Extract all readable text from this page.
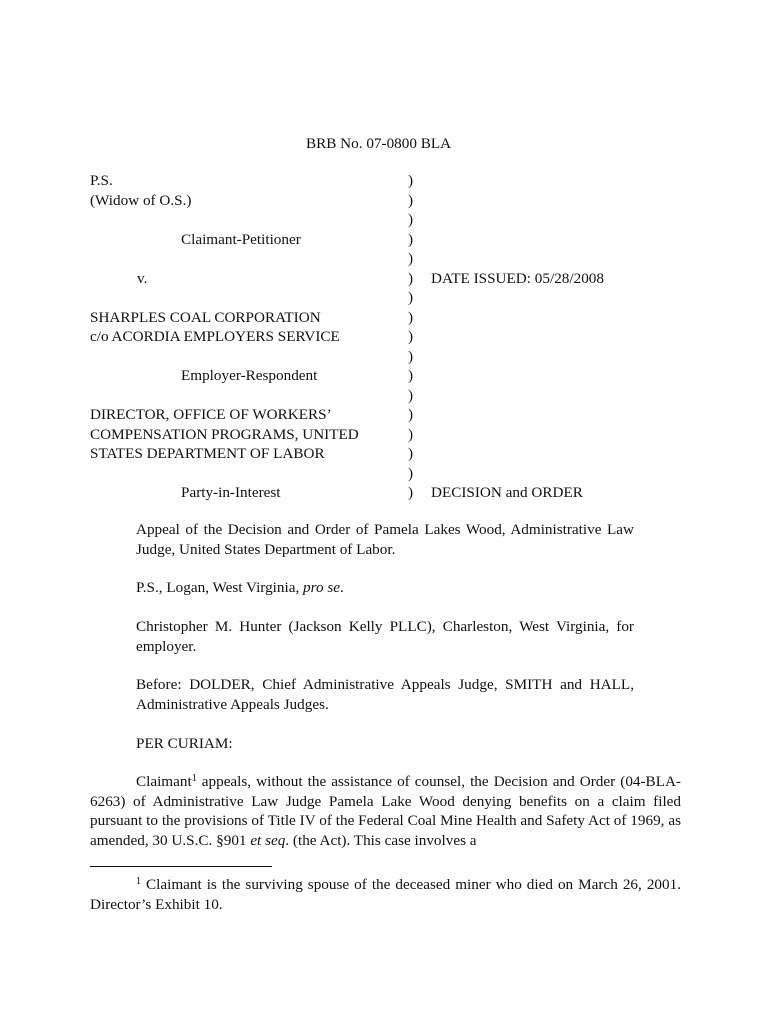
BRB No. 07-0800 BLA
P.S.
(Widow of O.S.)
Claimant-Petitioner
v.
SHARPLES COAL CORPORATION
c/o ACORDIA EMPLOYERS SERVICE
Employer-Respondent
DIRECTOR, OFFICE OF WORKERS’
COMPENSATION PROGRAMS, UNITED
STATES DEPARTMENT OF LABOR
Party-in-Interest
)
)
)
)
)
)
)
)
)
)
)
)
)
)
)
)
)
DATE ISSUED: 05/28/2008
DECISION and ORDER
Appeal of the Decision and Order of Pamela Lakes Wood, Administrative Law Judge, United States Department of Labor.
P.S., Logan, West Virginia, pro se.
Christopher M. Hunter (Jackson Kelly PLLC), Charleston, West Virginia, for employer.
Before: DOLDER, Chief Administrative Appeals Judge, SMITH and HALL, Administrative Appeals Judges.
PER CURIAM:
Claimant$^1$ appeals, without the assistance of counsel, the Decision and Order (04-BLA-6263) of Administrative Law Judge Pamela Lake Wood denying benefits on a claim filed pursuant to the provisions of Title IV of the Federal Coal Mine Health and Safety Act of 1969, as amended, 30 U.S.C. §901 et seq. (the Act). This case involves a
$^1$ Claimant is the surviving spouse of the deceased miner who died on March 26, 2001. Director’s Exhibit 10.
